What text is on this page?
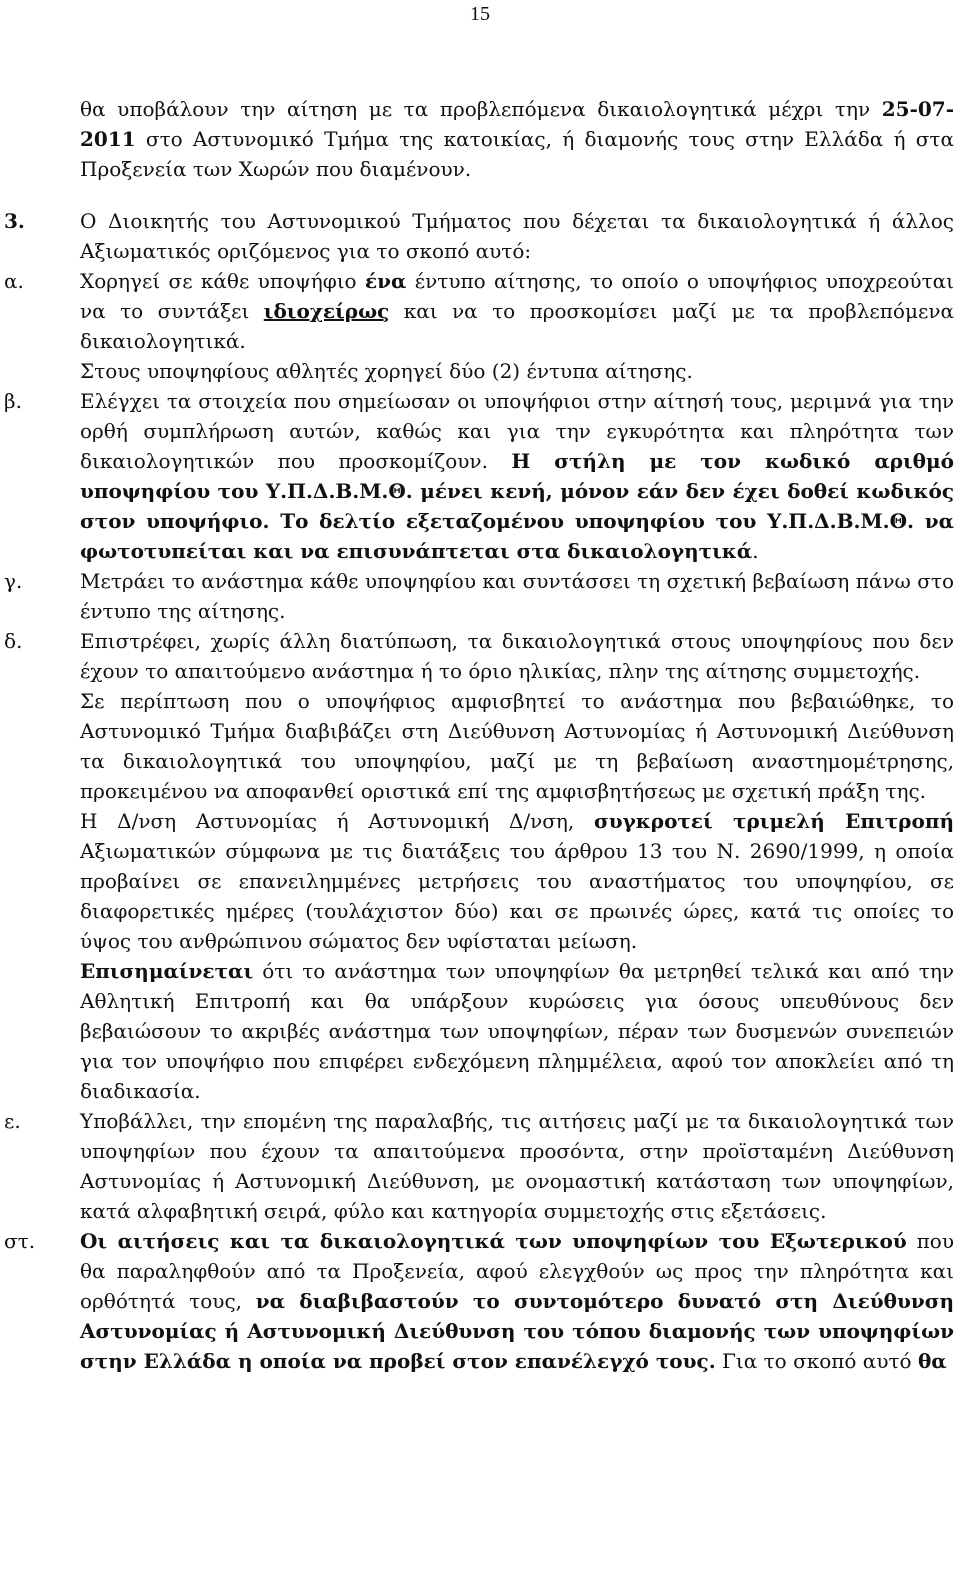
15

θα υποβάλουν την αίτηση με τα προβλεπόμενα δικαιολογητικά μέχρι την 25-07-2011 στο Αστυνομικό Τμήμα της κατοικίας, ή διαμονής τους στην Ελλάδα ή στα Προξενεία των Χωρών που διαμένουν.

3.	Ο Διοικητής του Αστυνομικού Τμήματος που δέχεται τα δικαιολογητικά ή άλλος Αξιωματικός οριζόμενος για το σκοπό αυτό:

α.	Χορηγεί σε κάθε υποψήφιο ένα έντυπο αίτησης, το οποίο ο υποψήφιος υποχρεούται να το συντάξει ιδιοχείρως και να το προσκομίσει μαζί με τα προβλεπόμενα δικαιολογητικά.

Στους υποψηφίους αθλητές χορηγεί δύο (2) έντυπα αίτησης.

β.	Ελέγχει τα στοιχεία που σημείωσαν οι υποψήφιοι στην αίτησή τους, μεριμνά για την ορθή συμπλήρωση αυτών, καθώς και για την εγκυρότητα και πληρότητα των δικαιολογητικών που προσκομίζουν. Η στήλη με τον κωδικό αριθμό υποψηφίου του Υ.Π.Δ.Β.Μ.Θ. μένει κενή, μόνον εάν δεν έχει δοθεί κωδικός στον υποψήφιο. Το δελτίο εξεταζομένου υποψηφίου του Υ.Π.Δ.Β.Μ.Θ. να φωτοτυπείται και να επισυνάπτεται στα δικαιολογητικά.

γ.	Μετράει το ανάστημα κάθε υποψηφίου και συντάσσει τη σχετική βεβαίωση πάνω στο έντυπο της αίτησης.

δ.	Επιστρέφει, χωρίς άλλη διατύπωση, τα δικαιολογητικά στους υποψηφίους που δεν έχουν το απαιτούμενο ανάστημα ή το όριο ηλικίας, πλην της αίτησης συμμετοχής.

Σε περίπτωση που ο υποψήφιος αμφισβητεί το ανάστημα που βεβαιώθηκε, το Αστυνομικό Τμήμα διαβιβάζει στη Διεύθυνση Αστυνομίας ή Αστυνομική Διεύθυνση τα δικαιολογητικά του υποψηφίου, μαζί με τη βεβαίωση αναστημομέτρησης, προκειμένου να αποφανθεί οριστικά επί της αμφισβητήσεως με σχετική πράξη της.

Η Δ/νση Αστυνομίας ή Αστυνομική Δ/νση, συγκροτεί τριμελή Επιτροπή Αξιωματικών σύμφωνα με τις διατάξεις του άρθρου 13 του Ν. 2690/1999, η οποία προβαίνει σε επανειλημμένες μετρήσεις του αναστήματος του υποψηφίου, σε διαφορετικές ημέρες (τουλάχιστον δύο) και σε πρωινές ώρες, κατά τις οποίες το ύψος του ανθρώπινου σώματος δεν υφίσταται μείωση.

Επισημαίνεται ότι το ανάστημα των υποψηφίων θα μετρηθεί τελικά και από την Αθλητική Επιτροπή και θα υπάρξουν κυρώσεις για όσους υπευθύνους δεν βεβαιώσουν το ακριβές ανάστημα των υποψηφίων, πέραν των δυσμενών συνεπειών για τον υποψήφιο που επιφέρει ενδεχόμενη πλημμέλεια, αφού τον αποκλείει από τη διαδικασία.

ε.	Υποβάλλει, την επομένη της παραλαβής, τις αιτήσεις μαζί με τα δικαιολογητικά των υποψηφίων που έχουν τα απαιτούμενα προσόντα, στην προϊσταμένη Διεύθυνση Αστυνομίας ή Αστυνομική Διεύθυνση, με ονομαστική κατάσταση των υποψηφίων, κατά αλφαβητική σειρά, φύλο και κατηγορία συμμετοχής στις εξετάσεις.

στ. Οι αιτήσεις και τα δικαιολογητικά των υποψηφίων του Εξωτερικού που θα παραληφθούν από τα Προξενεία, αφού ελεγχθούν ως προς την πληρότητα και ορθότητά τους, να διαβιβαστούν το συντομότερο δυνατό στη Διεύθυνση Αστυνομίας ή Αστυνομική Διεύθυνση του τόπου διαμονής των υποψηφίων στην Ελλάδα η οποία να προβεί στον επανέλεγχό τους. Για το σκοπό αυτό θα
